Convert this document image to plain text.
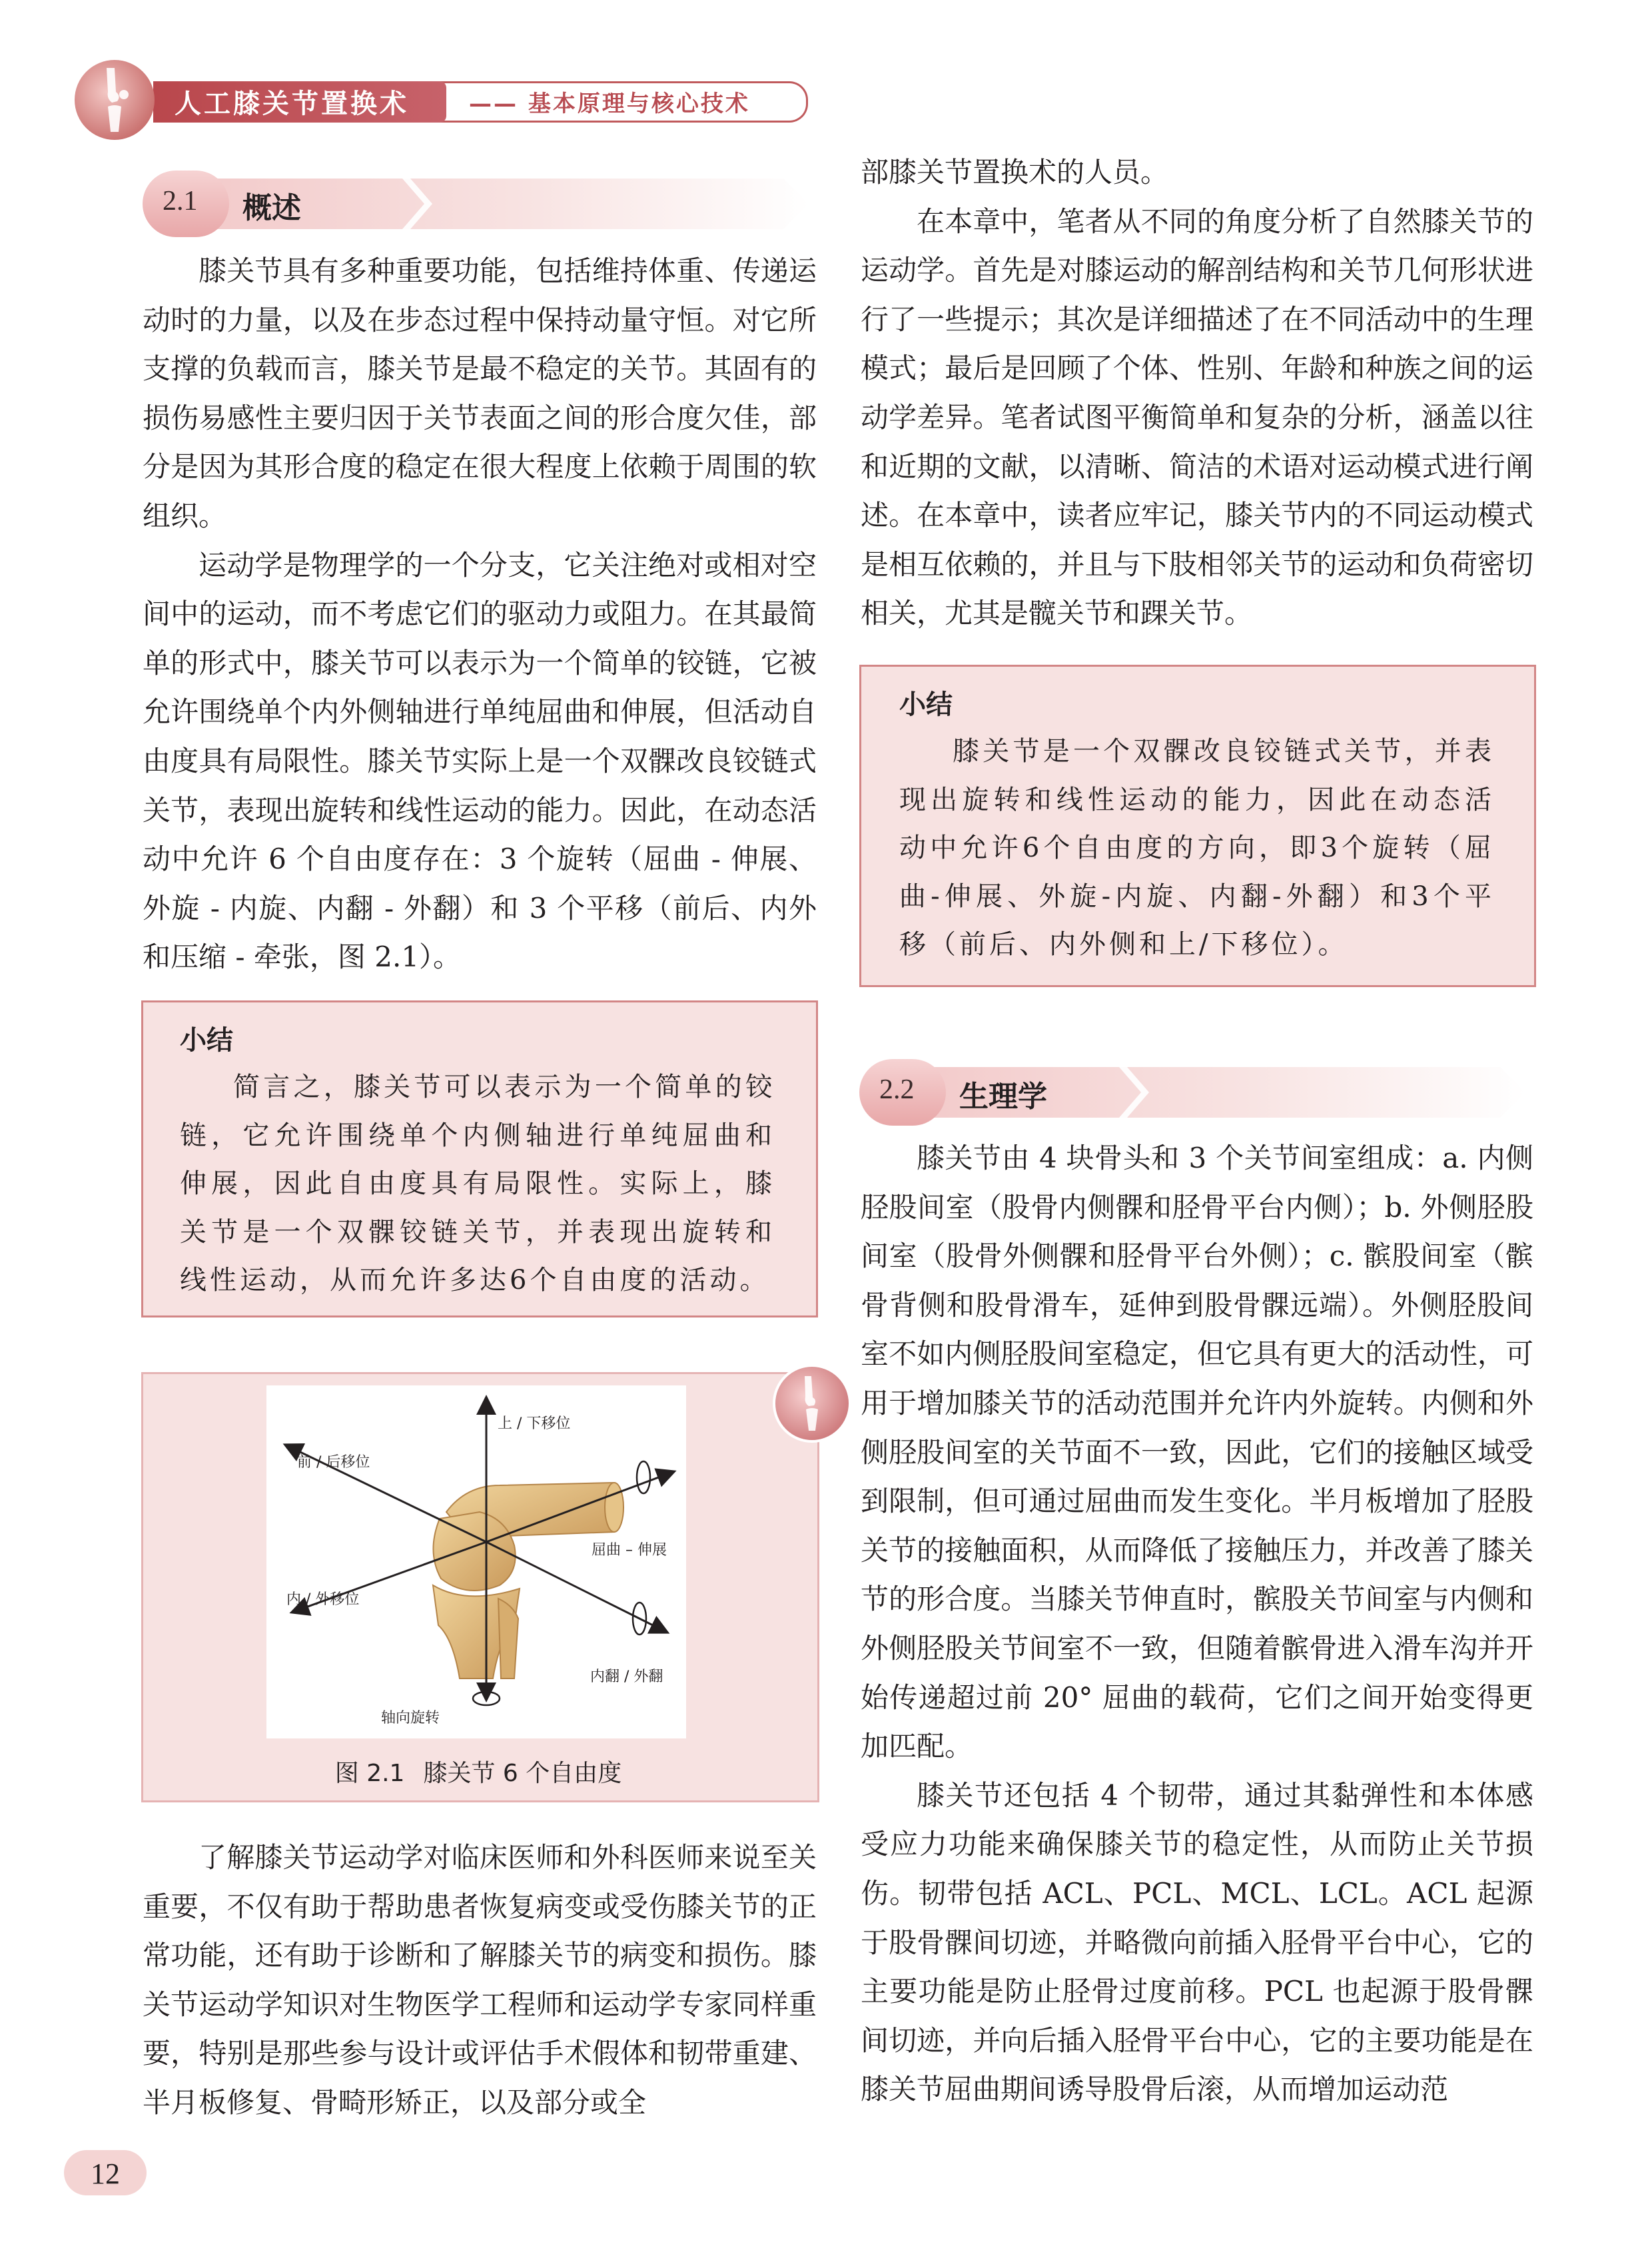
人工膝关节置换术	—— 基本原理与核心技术
2.1 概述

膝关节具有多种重要功能，包括维持体重、传递运动时的力量，以及在步态过程中保持动量守恒。对它所支撑的负载而言，膝关节是最不稳定的关节。其固有的损伤易感性主要归因于关节表面之间的形合度欠佳，部分是因为其形合度的稳定在很大程度上依赖于周围的软组织。

运动学是物理学的一个分支，它关注绝对或相对空间中的运动，而不考虑它们的驱动力或阻力。在其最简单的形式中，膝关节可以表示为一个简单的铰链，它被允许围绕单个内外侧轴进行单纯屈曲和伸展，但活动自由度具有局限性。膝关节实际上是一个双髁改良铰链式关节，表现出旋转和线性运动的能力。因此，在动态活动中允许 6 个自由度存在：3 个旋转（屈曲 - 伸展、外旋 - 内旋、内翻 - 外翻）和 3 个平移（前后、内外和压缩 - 牵张，图 2.1）。

小结

简言之，膝关节可以表示为一个简单的铰链，它允许围绕单个内侧轴进行单纯屈曲和伸展，因此自由度具有局限性。实际上，膝关节是一个双髁铰链关节，并表现出旋转和线性运动，从而允许多达6个自由度的活动。

上 / 下移位
前 / 后移位
屈曲 – 伸展
内 / 外移位
内翻 / 外翻
轴向旋转
图 2.1 膝关节 6 个自由度

了解膝关节运动学对临床医师和外科医师来说至关重要，不仅有助于帮助患者恢复病变或受伤膝关节的正常功能，还有助于诊断和了解膝关节的病变和损伤。膝关节运动学知识对生物医学工程师和运动学专家同样重要，特别是那些参与设计或评估手术假体和韧带重建、半月板修复、骨畸形矫正，以及部分或全

部膝关节置换术的人员。

在本章中，笔者从不同的角度分析了自然膝关节的运动学。首先是对膝运动的解剖结构和关节几何形状进行了一些提示；其次是详细描述了在不同活动中的生理模式；最后是回顾了个体、性别、年龄和种族之间的运动学差异。笔者试图平衡简单和复杂的分析，涵盖以往和近期的文献，以清晰、简洁的术语对运动模式进行阐述。在本章中，读者应牢记，膝关节内的不同运动模式是相互依赖的，并且与下肢相邻关节的运动和负荷密切相关，尤其是髋关节和踝关节。

小结

膝关节是一个双髁改良铰链式关节，并表现出旋转和线性运动的能力，因此在动态活动中允许6个自由度的方向，即3个旋转（屈曲-伸展、外旋-内旋、内翻-外翻）和3个平移（前后、内外侧和上/下移位）。

2.2 生理学

膝关节由 4 块骨头和 3 个关节间室组成：a. 内侧胫股间室（股骨内侧髁和胫骨平台内侧）；b. 外侧胫股间室（股骨外侧髁和胫骨平台外侧）；c. 髌股间室（髌骨背侧和股骨滑车，延伸到股骨髁远端）。外侧胫股间室不如内侧胫股间室稳定，但它具有更大的活动性，可用于增加膝关节的活动范围并允许内外旋转。内侧和外侧胫股间室的关节面不一致，因此，它们的接触区域受到限制，但可通过屈曲而发生变化。半月板增加了胫股关节的接触面积，从而降低了接触压力，并改善了膝关节的形合度。当膝关节伸直时，髌股关节间室与内侧和外侧胫股关节间室不一致，但随着髌骨进入滑车沟并开始传递超过前 20° 屈曲的载荷，它们之间开始变得更加匹配。

膝关节还包括 4 个韧带，通过其黏弹性和本体感受应力功能来确保膝关节的稳定性，从而防止关节损伤。韧带包括 ACL、PCL、MCL、LCL。ACL 起源于股骨髁间切迹，并略微向前插入胫骨平台中心，它的主要功能是防止胫骨过度前移。PCL 也起源于股骨髁间切迹，并向后插入胫骨平台中心，它的主要功能是在膝关节屈曲期间诱导股骨后滚，从而增加运动范

12
